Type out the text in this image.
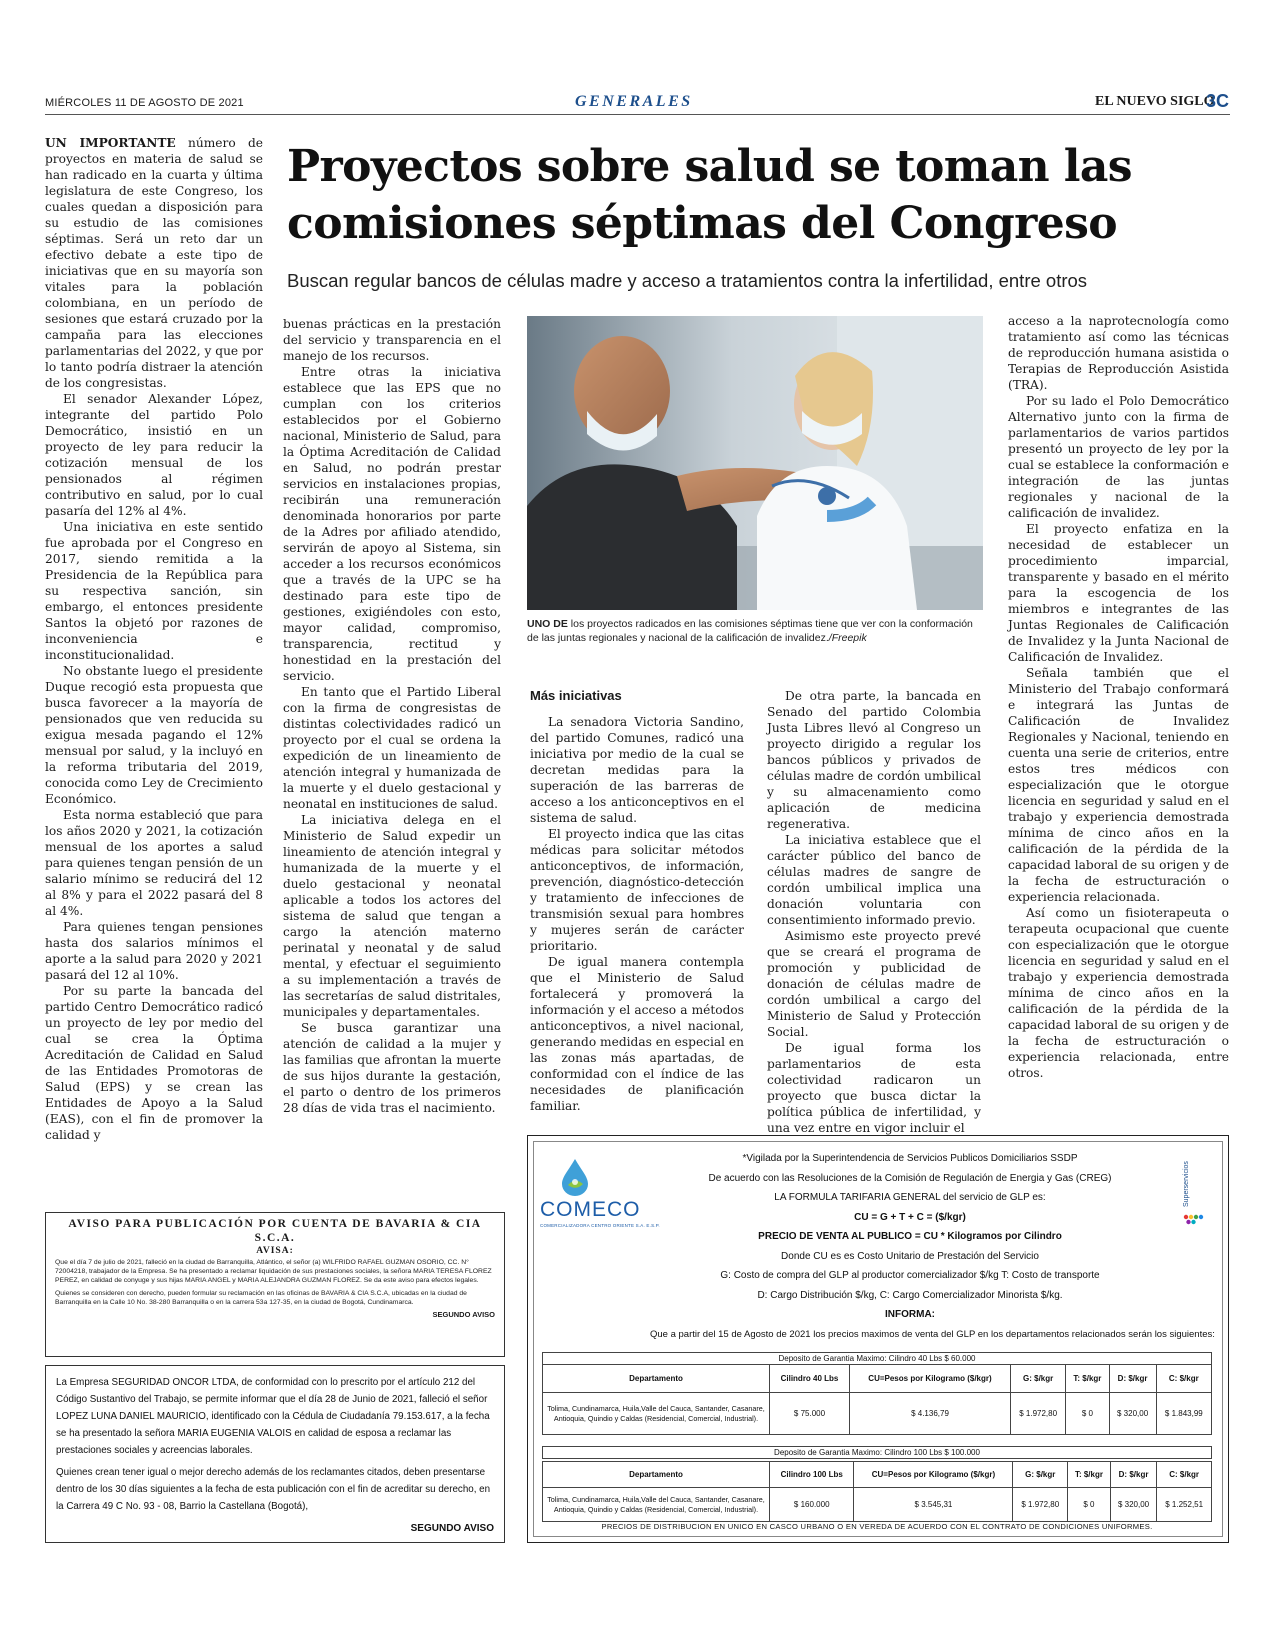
MIÉRCOLES 11 DE AGOSTO DE 2021	GENERALES	EL NUEVO SIGLO
3C
Proyectos sobre salud se toman las comisiones séptimas del Congreso
Buscan regular bancos de células madre y acceso a tratamientos contra la infertilidad, entre otros

UN IMPORTANTE número de proyectos en materia de salud se han radicado en la cuarta y última legislatura de este Congreso, los cuales quedan a disposición para su estudio de las comisiones séptimas. Será un reto dar un efectivo debate a este tipo de iniciativas que en su mayoría son vitales para la población colombiana, en un período de sesiones que estará cruzado por la campaña para las elecciones parlamentarias del 2022, y que por lo tanto podría distraer la atención de los congresistas.

El senador Alexander López, integrante del partido Polo Democrático, insistió en un proyecto de ley para reducir la cotización mensual de los pensionados al régimen contributivo en salud, por lo cual pasaría del 12% al 4%.

Una iniciativa en este sentido fue aprobada por el Congreso en 2017, siendo remitida a la Presidencia de la República para su respectiva sanción, sin embargo, el entonces presidente Santos la objetó por razones de inconveniencia e inconstitucionalidad.

No obstante luego el presidente Duque recogió esta propuesta que busca favorecer a la mayoría de pensionados que ven reducida su exigua mesada pagando el 12% mensual por salud, y la incluyó en la reforma tributaria del 2019, conocida como Ley de Crecimiento Económico.

Esta norma estableció que para los años 2020 y 2021, la cotización mensual de los aportes a salud para quienes tengan pensión de un salario mínimo se reducirá del 12 al 8% y para el 2022 pasará del 8 al 4%.

Para quienes tengan pensiones hasta dos salarios mínimos el aporte a la salud para 2020 y 2021 pasará del 12 al 10%.

Por su parte la bancada del partido Centro Democrático radicó un proyecto de ley por medio del cual se crea la Óptima Acreditación de Calidad en Salud de las Entidades Promotoras de Salud (EPS) y se crean las Entidades de Apoyo a la Salud (EAS), con el fin de promover la calidad y

buenas prácticas en la prestación del servicio y transparencia en el manejo de los recursos.

Entre otras la iniciativa establece que las EPS que no cumplan con los criterios establecidos por el Gobierno nacional, Ministerio de Salud, para la Óptima Acreditación de Calidad en Salud, no podrán prestar servicios en instalaciones propias, recibirán una remuneración denominada honorarios por parte de la Adres por afiliado atendido, servirán de apoyo al Sistema, sin acceder a los recursos económicos que a través de la UPC se ha destinado para este tipo de gestiones, exigiéndoles con esto, mayor calidad, compromiso, transparencia, rectitud y honestidad en la prestación del servicio.

En tanto que el Partido Liberal con la firma de congresistas de distintas colectividades radicó un proyecto por el cual se ordena la expedición de un lineamiento de atención integral y humanizada de la muerte y el duelo gestacional y neonatal en instituciones de salud.

La iniciativa delega en el Ministerio de Salud expedir un lineamiento de atención integral y humanizada de la muerte y el duelo gestacional y neonatal aplicable a todos los actores del sistema de salud que tengan a cargo la atención materno perinatal y neonatal y de salud mental, y efectuar el seguimiento a su implementación a través de las secretarías de salud distritales, municipales y departamentales.

Se busca garantizar una atención de calidad a la mujer y las familias que afrontan la muerte de sus hijos durante la gestación, el parto o dentro de los primeros 28 días de vida tras el nacimiento.

UNO DE los proyectos radicados en las comisiones séptimas tiene que ver con la conformación de las juntas regionales y nacional de la calificación de invalidez./Freepik
Más iniciativas

La senadora Victoria Sandino, del partido Comunes, radicó una iniciativa por medio de la cual se decretan medidas para la superación de las barreras de acceso a los anticonceptivos en el sistema de salud.

El proyecto indica que las citas médicas para solicitar métodos anticonceptivos, de información, prevención, diagnóstico-detección y tratamiento de infecciones de transmisión sexual para hombres y mujeres serán de carácter prioritario.

De igual manera contempla que el Ministerio de Salud fortalecerá y promoverá la información y el acceso a métodos anticonceptivos, a nivel nacional, generando medidas en especial en las zonas más apartadas, de conformidad con el índice de las necesidades de planificación familiar.

De otra parte, la bancada en Senado del partido Colombia Justa Libres llevó al Congreso un proyecto dirigido a regular los bancos públicos y privados de células madre de cordón umbilical y su almacenamiento como aplicación de medicina regenerativa.

La iniciativa establece que el carácter público del banco de células madres de sangre de cordón umbilical implica una donación voluntaria con consentimiento informado previo.

Asimismo este proyecto prevé que se creará el programa de promoción y publicidad de donación de células madre de cordón umbilical a cargo del Ministerio de Salud y Protección Social.

De igual forma los parlamentarios de esta colectividad radicaron un proyecto que busca dictar la política pública de infertilidad, y una vez entre en vigor incluir el

acceso a la naprotecnología como tratamiento así como las técnicas de reproducción humana asistida o Terapias de Reproducción Asistida (TRA).

Por su lado el Polo Democrático Alternativo junto con la firma de parlamentarios de varios partidos presentó un proyecto de ley por la cual se establece la conformación e integración de las juntas regionales y nacional de la calificación de invalidez.

El proyecto enfatiza en la necesidad de establecer un procedimiento imparcial, transparente y basado en el mérito para la escogencia de los miembros e integrantes de las Juntas Regionales de Calificación de Invalidez y la Junta Nacional de Calificación de Invalidez.

Señala también que el Ministerio del Trabajo conformará e integrará las Juntas de Calificación de Invalidez Regionales y Nacional, teniendo en cuenta una serie de criterios, entre estos tres médicos con especialización que le otorgue licencia en seguridad y salud en el trabajo y experiencia demostrada mínima de cinco años en la calificación de la pérdida de la capacidad laboral de su origen y de la fecha de estructuración o experiencia relacionada.

Así como un fisioterapeuta o terapeuta ocupacional que cuente con especialización que le otorgue licencia en seguridad y salud en el trabajo y experiencia demostrada mínima de cinco años en la calificación de la pérdida de la capacidad laboral de su origen y de la fecha de estructuración o experiencia relacionada, entre otros.

AVISO PARA PUBLICACIÓN POR CUENTA DE BAVARIA & CIA S.C.A.
AVISA:

Que el día 7 de julio de 2021, falleció en la ciudad de Barranquilla, Atlántico, el señor (a) WILFRIDO RAFAEL GUZMAN OSORIO, CC. N° 72004218, trabajador de la Empresa. Se ha presentado a reclamar liquidación de sus prestaciones sociales, la señora MARIA TERESA FLOREZ PEREZ, en calidad de conyuge y sus hijas MARIA ANGEL y MARIA ALEJANDRA GUZMAN FLOREZ. Se da este aviso para efectos legales.

Quienes se consideren con derecho, pueden formular su reclamación en las oficinas de BAVARIA & CIA S.C.A, ubicadas en la ciudad de Barranquilla en la Calle 10 No. 38-280 Barranquilla o en la carrera 53a 127-35, en la ciudad de Bogotá, Cundinamarca.

SEGUNDO AVISO

La Empresa SEGURIDAD ONCOR LTDA, de conformidad con lo prescrito por el artículo 212 del Código Sustantivo del Trabajo, se permite informar que el día 28 de Junio de 2021, falleció el señor LOPEZ LUNA DANIEL MAURICIO, identificado con la Cédula de Ciudadanía 79.153.617, a la fecha se ha presentado la señora MARIA EUGENIA VALOIS en calidad de esposa a reclamar las prestaciones sociales y acreencias laborales.

Quienes crean tener igual o mejor derecho además de los reclamantes citados, deben presentarse dentro de los 30 días siguientes a la fecha de esta publicación con el fin de acreditar su derecho, en la Carrera 49 C No. 93 - 08, Barrio la Castellana (Bogotá),

SEGUNDO AVISO
COMECO
COMERCIALIZADORA CENTRO ORIENTE S.A. E.S.P.
Superservicios
*Vigilada por la Superintendencia de Servicios Publicos Domiciliarios SSDP
De acuerdo con las Resoluciones de la Comisión de Regulación de Energia y Gas (CREG)
LA FORMULA TARIFARIA GENERAL del servicio de GLP es:
CU = G + T + C = ($/kgr)
PRECIO DE VENTA AL PUBLICO = CU * Kilogramos por Cilindro
Donde CU es es Costo Unitario de Prestación del Servicio
G: Costo de compra del GLP al productor comercializador $/kg T: Costo de transporte
D: Cargo Distribución $/kg, C: Cargo Comercializador Minorista $/kg.
INFORMA:
Que a partir del 15 de Agosto de 2021 los precios maximos de venta del GLP en los departamentos relacionados serán los siguientes:
Deposito de Garantia Maximo: Cilindro 40 Lbs $ 60.000						
Departamento	Cilindro 40 Lbs	CU=Pesos por Kilogramo ($/kgr)	G: $/kgr	T: $/kgr	D: $/kgr	C: $/kgr
Tolima, Cundinamarca, Huila,Valle del Cauca, Santander, Casanare, Antioquia, Quindio y Caldas (Residencial, Comercial, Industrial).	$ 75.000	$ 4.136,79	$ 1.972,80	$ 0	$ 320,00	$ 1.843,99
Deposito de Garantia Maximo: Cilindro 100 Lbs $ 100.000
Departamento	Cilindro 100 Lbs	CU=Pesos por Kilogramo ($/kgr)	G: $/kgr	T: $/kgr	D: $/kgr	C: $/kgr
Tolima, Cundinamarca, Huila,Valle del Cauca, Santander, Casanare, Antioquia, Quindio y Caldas (Residencial, Comercial, Industrial).	$ 160.000	$ 3.545,31	$ 1.972,80	$ 0	$ 320,00	$ 1.252,51
PRECIOS DE DISTRIBUCION EN UNICO EN CASCO URBANO O EN VEREDA DE ACUERDO CON EL CONTRATO DE CONDICIONES UNIFORMES.
